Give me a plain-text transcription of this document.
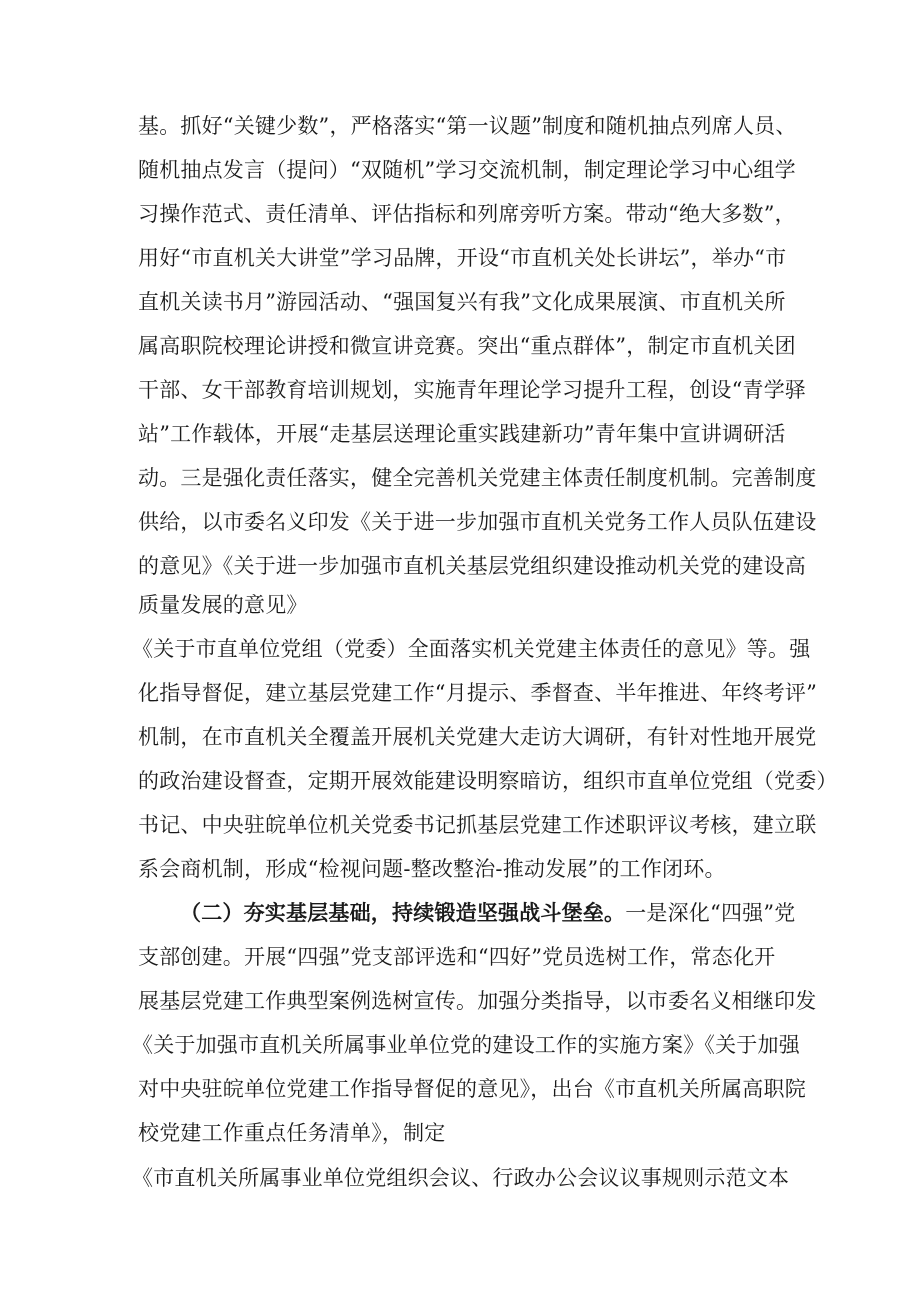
基。抓好“关键少数”，严格落实“第一议题”制度和随机抽点列席人员、
随机抽点发言（提问）“双随机”学习交流机制，制定理论学习中心组学
习操作范式、责任清单、评估指标和列席旁听方案。带动“绝大多数”，
用好“市直机关大讲堂”学习品牌，开设“市直机关处长讲坛”，举办“市
直机关读书月”游园活动、“强国复兴有我”文化成果展演、市直机关所
属高职院校理论讲授和微宣讲竞赛。突出“重点群体”，制定市直机关团
干部、女干部教育培训规划，实施青年理论学习提升工程，创设“青学驿
站”工作载体，开展“走基层送理论重实践建新功”青年集中宣讲调研活
动。三是强化责任落实，健全完善机关党建主体责任制度机制。完善制度
供给，以市委名义印发《关于进一步加强市直机关党务工作人员队伍建设
的意见》《关于进一步加强市直机关基层党组织建设推动机关党的建设高
质量发展的意见》
《关于市直单位党组（党委）全面落实机关党建主体责任的意见》等。强
化指导督促，建立基层党建工作“月提示、季督查、半年推进、年终考评”
机制，在市直机关全覆盖开展机关党建大走访大调研，有针对性地开展党
的政治建设督查，定期开展效能建设明察暗访，组织市直单位党组（党委）
书记、中央驻皖单位机关党委书记抓基层党建工作述职评议考核，建立联
系会商机制，形成“检视问题-整改整治-推动发展”的工作闭环。
（二）夯实基层基础，持续锻造坚强战斗堡垒。一是深化“四强”党
支部创建。开展“四强”党支部评选和“四好”党员选树工作，常态化开
展基层党建工作典型案例选树宣传。加强分类指导，以市委名义相继印发
《关于加强市直机关所属事业单位党的建设工作的实施方案》《关于加强
对中央驻皖单位党建工作指导督促的意见》，出台《市直机关所属高职院
校党建工作重点任务清单》，制定
《市直机关所属事业单位党组织会议、行政办公会议议事规则示范文本
